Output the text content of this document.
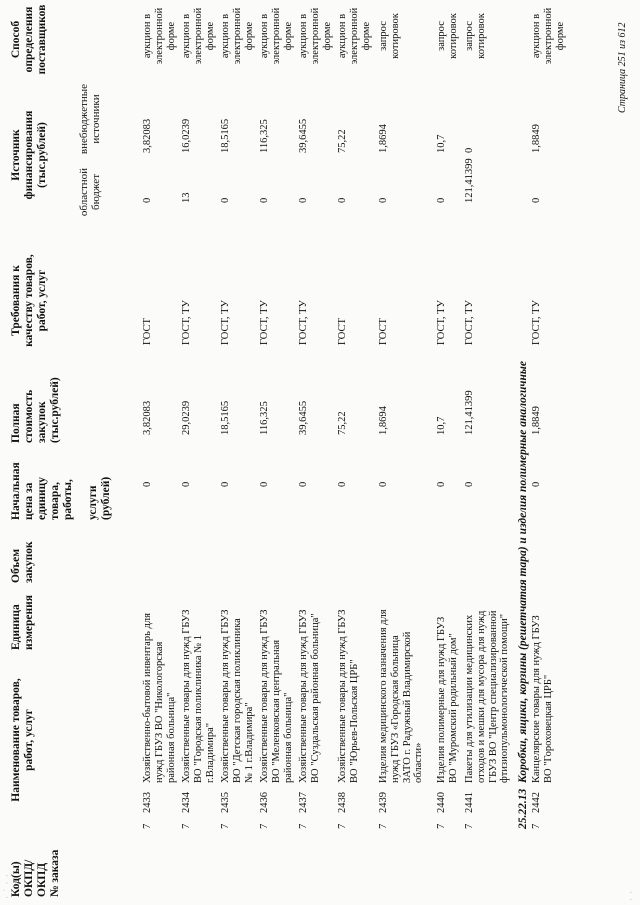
· ˙ · ·
Код(ы)
ОКПД/
ОКПД
№ заказа
Наименование товаров,
работ, услуг
Единица
измерения
Объем
закупок
Начальная
цена за
единицу
товара,
работы,

услуги
(рублей)
Полная
стоимость
закупок
(тыс.рублей)
Требования к
качеству товаров,
работ, услуг
Источник
финансирования
(тыс.рублей)
областной
бюджет
внебюджетные
источники
Способ
определения
поставщиков
7
2433
Хозяйственно-бытовой инвентарь для
нужд ГБУЗ ВО "Никологорская
районная больница"
0
3,82083
ГОСТ
0
3,82083
аукцион в
электронной
форме
7
2434
Хозяйственные товары для нужд ГБУЗ
ВО "Городская поликлиника № 1
г.Владимира"
0
29,0239
ГОСТ, ТУ
13
16,0239
аукцион в
электронной
форме
7
2435
Хозяйственные товары для нужд ГБУЗ
ВО "Детская городская поликлиника
№ 1 г.Владимира"
0
18,5165
ГОСТ, ТУ
0
18,5165
аукцион в
электронной
форме
7
2436
Хозяйственные товары для нужд ГБУЗ
ВО "Меленковская центральная
районная больница"
0
116,325
ГОСТ, ТУ
0
116,325
аукцион в
электронной
форме
7
2437
Хозяйственные товары для нужд ГБУЗ
ВО "Суздальская районная больница"
0
39,6455
ГОСТ, ТУ
0
39,6455
аукцион в
электронной
форме
7
2438
Хозяйственные товары для нужд ГБУЗ
ВО "Юрьев-Польская ЦРБ"
0
75,22
ГОСТ
0
75,22
аукцион в
электронной
форме
7
2439
Изделия медицинского назначения для
нужд ГБУЗ «Городская больница
ЗАТО г. Радужный Владимирской
области»
0
1,8694
ГОСТ
0
1,8694
запрос
котировок
7
2440
Изделия полимерные для нужд ГБУЗ
ВО "Муромский родильный дом"
0
10,7
ГОСТ, ТУ
0
10,7
запрос
котировок
7
2441
Пакеты для утилизации медицинских
отходов и мешки для мусора для нужд
ГБУЗ ВО "Центр специализированной
фтизиопульмонологической помощи"
0
121,41399
ГОСТ, ТУ
121,41399
0
запрос
котировок
25.22.13
Коробки, ящики, корзины (решетчатая тара) и изделия полимерные аналогичные
7
2442
Канцелярские товары для нужд ГБУЗ
ВО "Гороховецкая ЦРБ"
0
1,8849
ГОСТ, ТУ
0
1,8849
аукцион в
электронной
форме	Страница 251 из 612
· ·
